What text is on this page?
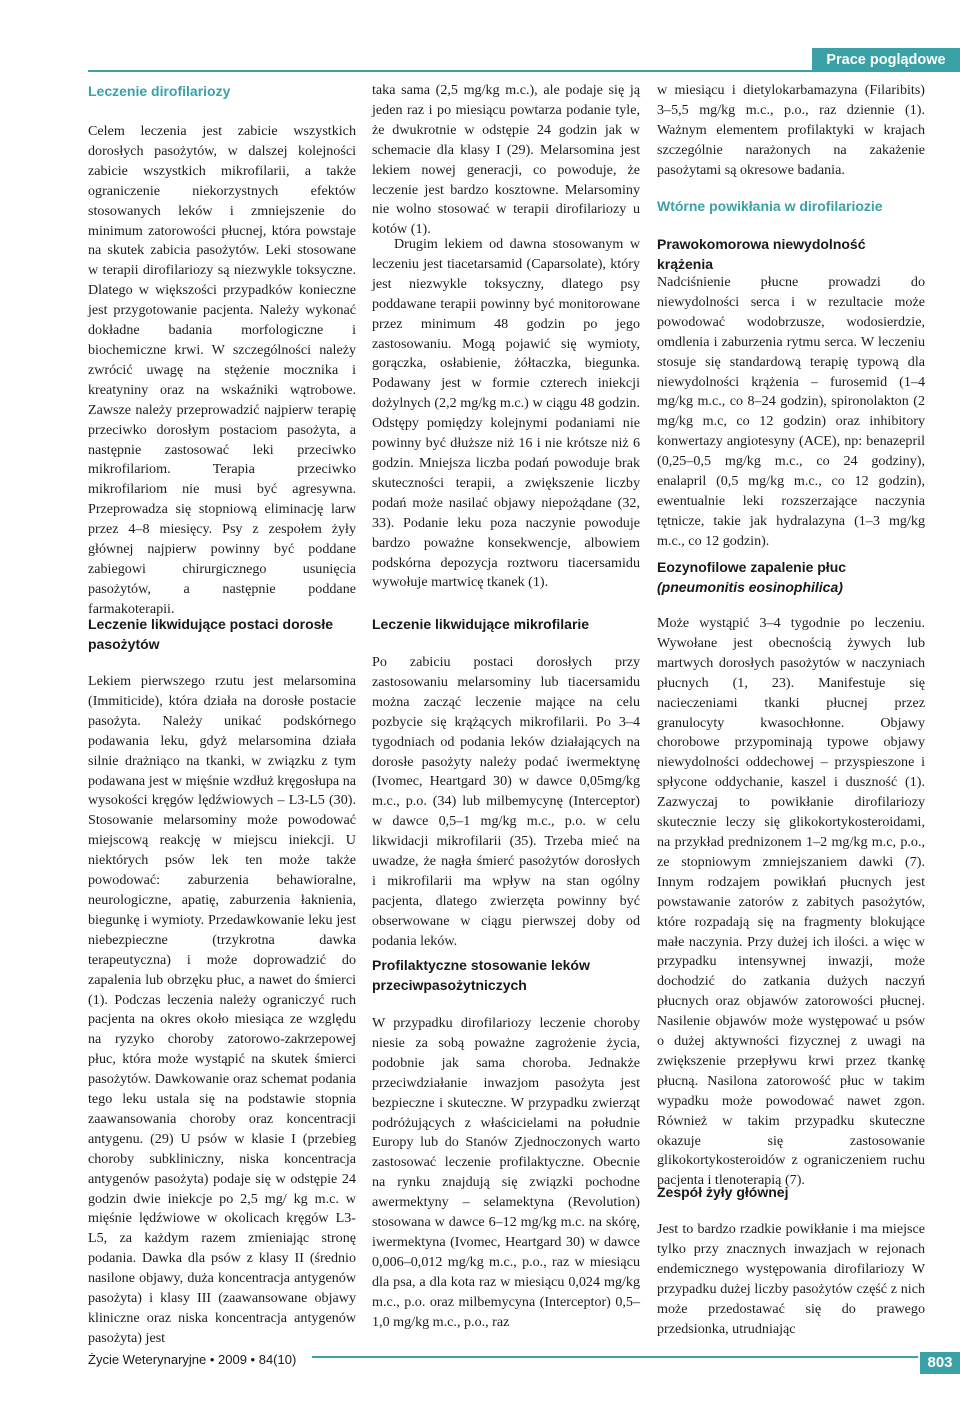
Prace poglądowe
Leczenie dirofilariozy

Celem leczenia jest zabicie wszystkich dorosłych pasożytów, w dalszej kolejności zabicie wszystkich mikrofilarii, a także ograniczenie niekorzystnych efektów stosowanych leków i zmniejszenie do minimum zatorowości płucnej, która powstaje na skutek zabicia pasożytów. Leki stosowane w terapii dirofilariozy są niezwykle toksyczne. Dlatego w większości przypadków konieczne jest przygotowanie pacjenta. Należy wykonać dokładne badania morfologiczne i biochemiczne krwi. W szczególności należy zwrócić uwagę na stężenie mocznika i kreatyniny oraz na wskaźniki wątrobowe. Zawsze należy przeprowadzić najpierw terapię przeciwko dorosłym postaciom pasożyta, a następnie zastosować leki przeciwko mikrofilariom. Terapia przeciwko mikrofilariom nie musi być agresywna. Przeprowadza się stopniową eliminację larw przez 4–8 miesięcy. Psy z zespołem żyły głównej najpierw powinny być poddane zabiegowi chirurgicznego usunięcia pasożytów, a następnie poddane farmakoterapii.

Leczenie likwidujące postaci dorosłe pasożytów

Lekiem pierwszego rzutu jest melarsomina (Immiticide), która działa na dorosłe postacie pasożyta. Należy unikać podskórnego podawania leku, gdyż melarsomina działa silnie drażniąco na tkanki, w związku z tym podawana jest w mięśnie wzdłuż kręgosłupa na wysokości kręgów lędźwiowych – L3-L5 (30). Stosowanie melarsominy może powodować miejscową reakcję w miejscu iniekcji. U niektórych psów lek ten może także powodować: zaburzenia behawioralne, neurologiczne, apatię, zaburzenia łaknienia, biegunkę i wymioty. Przedawkowanie leku jest niebezpieczne (trzykrotna dawka terapeutyczna) i może doprowadzić do zapalenia lub obrzęku płuc, a nawet do śmierci (1). Podczas leczenia należy ograniczyć ruch pacjenta na okres około miesiąca ze względu na ryzyko choroby zatorowo-zakrzepowej płuc, która może wystąpić na skutek śmierci pasożytów. Dawkowanie oraz schemat podania tego leku ustala się na podstawie stopnia zaawansowania choroby oraz koncentracji antygenu. (29) U psów w klasie I (przebieg choroby subkliniczny, niska koncentracja antygenów pasożyta) podaje się w odstępie 24 godzin dwie iniekcje po 2,5 mg/ kg m.c. w mięśnie lędźwiowe w okolicach kręgów L3-L5, za każdym razem zmieniając stronę podania. Dawka dla psów z klasy II (średnio nasilone objawy, duża koncentracja antygenów pasożyta) i klasy III (zaawansowane objawy kliniczne oraz niska koncentracja antygenów pasożyta) jest

taka sama (2,5 mg/kg m.c.), ale podaje się ją jeden raz i po miesiącu powtarza podanie tyle, że dwukrotnie w odstępie 24 godzin jak w schemacie dla klasy I (29). Melarsomina jest lekiem nowej generacji, co powoduje, że leczenie jest bardzo kosztowne. Melarsominy nie wolno stosować w terapii dirofilariozy u kotów (1).

Drugim lekiem od dawna stosowanym w leczeniu jest tiacetarsamid (Caparsolate), który jest niezwykle toksyczny, dlatego psy poddawane terapii powinny być monitorowane przez minimum 48 godzin po jego zastosowaniu. Mogą pojawić się wymioty, gorączka, osłabienie, żółtaczka, biegunka. Podawany jest w formie czterech iniekcji dożylnych (2,2 mg/kg m.c.) w ciągu 48 godzin. Odstępy pomiędzy kolejnymi podaniami nie powinny być dłuższe niż 16 i nie krótsze niż 6 godzin. Mniejsza liczba podań powoduje brak skuteczności terapii, a zwiększenie liczby podań może nasilać objawy niepożądane (32, 33). Podanie leku poza naczynie powoduje bardzo poważne konsekwencje, albowiem podskórna depozycja roztworu tiacersamidu wywołuje martwicę tkanek (1).

Leczenie likwidujące mikrofilarie

Po zabiciu postaci dorosłych przy zastosowaniu melarsominy lub tiacersamidu można zacząć leczenie mające na celu pozbycie się krążących mikrofilarii. Po 3–4 tygodniach od podania leków działających na dorosłe pasożyty należy podać iwermektynę (Ivomec, Heartgard 30) w dawce 0,05mg/kg m.c., p.o. (34) lub milbemycynę (Interceptor) w dawce 0,5–1 mg/kg m.c., p.o. w celu likwidacji mikrofilarii (35). Trzeba mieć na uwadze, że nagła śmierć pasożytów dorosłych i mikrofilarii ma wpływ na stan ogólny pacjenta, dlatego zwierzęta powinny być obserwowane w ciągu pierwszej doby od podania leków.

Profilaktyczne stosowanie leków przeciwpasożytniczych

W przypadku dirofilariozy leczenie choroby niesie za sobą poważne zagrożenie życia, podobnie jak sama choroba. Jednakże przeciwdziałanie inwazjom pasożyta jest bezpieczne i skuteczne. W przypadku zwierząt podróżujących z właścicielami na południe Europy lub do Stanów Zjednoczonych warto zastosować leczenie profilaktyczne. Obecnie na rynku znajdują się związki pochodne awermektyny – selamektyna (Revolution) stosowana w dawce 6–12 mg/kg m.c. na skórę, iwermektyna (Ivomec, Heartgard 30) w dawce 0,006–0,012 mg/kg m.c., p.o., raz w miesiącu dla psa, a dla kota raz w miesiącu 0,024 mg/kg m.c., p.o. oraz milbemycyna (Interceptor) 0,5–1,0 mg/kg m.c., p.o., raz

w miesiącu i dietylokarbamazyna (Filaribits) 3–5,5 mg/kg m.c., p.o., raz dziennie (1). Ważnym elementem profilaktyki w krajach szczególnie narażonych na zakażenie pasożytami są okresowe badania.

Wtórne powikłania w dirofilariozie
Prawokomorowa niewydolność krążenia

Nadciśnienie płucne prowadzi do niewydolności serca i w rezultacie może powodować wodobrzusze, wodosierdzie, omdlenia i zaburzenia rytmu serca. W leczeniu stosuje się standardową terapię typową dla niewydolności krążenia – furosemid (1–4 mg/kg m.c., co 8–24 godzin), spironolakton (2 mg/kg m.c, co 12 godzin) oraz inhibitory konwertazy angiotesyny (ACE), np: benazepril (0,25–0,5 mg/kg m.c., co 24 godziny), enalapril (0,5 mg/kg m.c., co 12 godzin), ewentualnie leki rozszerzające naczynia tętnicze, takie jak hydralazyna (1–3 mg/kg m.c., co 12 godzin).

Eozynofilowe zapalenie płuc
(pneumonitis eosinophilica)

Może wystąpić 3–4 tygodnie po leczeniu. Wywołane jest obecnością żywych lub martwych dorosłych pasożytów w naczyniach płucnych (1, 23). Manifestuje się nacieczeniami tkanki płucnej przez granulocyty kwasochłonne. Objawy chorobowe przypominają typowe objawy niewydolności oddechowej – przyspieszone i spłycone oddychanie, kaszel i duszność (1). Zazwyczaj to powikłanie dirofilariozy skutecznie leczy się glikokortykosteroidami, na przykład prednizonem 1–2 mg/kg m.c, p.o., ze stopniowym zmniejszaniem dawki (7). Innym rodzajem powikłań płucnych jest powstawanie zatorów z zabitych pasożytów, które rozpadają się na fragmenty blokujące małe naczynia. Przy dużej ich ilości. a więc w przypadku intensywnej inwazji, może dochodzić do zatkania dużych naczyń płucnych oraz objawów zatorowości płucnej. Nasilenie objawów może występować u psów o dużej aktywności fizycznej z uwagi na zwiększenie przepływu krwi przez tkankę płucną. Nasilona zatorowość płuc w takim wypadku może powodować nawet zgon. Również w takim przypadku skuteczne okazuje się zastosowanie glikokortykosteroidów z ograniczeniem ruchu pacjenta i tlenoterapią (7).

Zespół żyły głównej

Jest to bardzo rzadkie powikłanie i ma miejsce tylko przy znacznych inwazjach w rejonach endemicznego występowania dirofilariozy W przypadku dużej liczby pasożytów część z nich może przedostawać się do prawego przedsionka, utrudniając

Życie Weterynaryjne • 2009 • 84(10)	803
